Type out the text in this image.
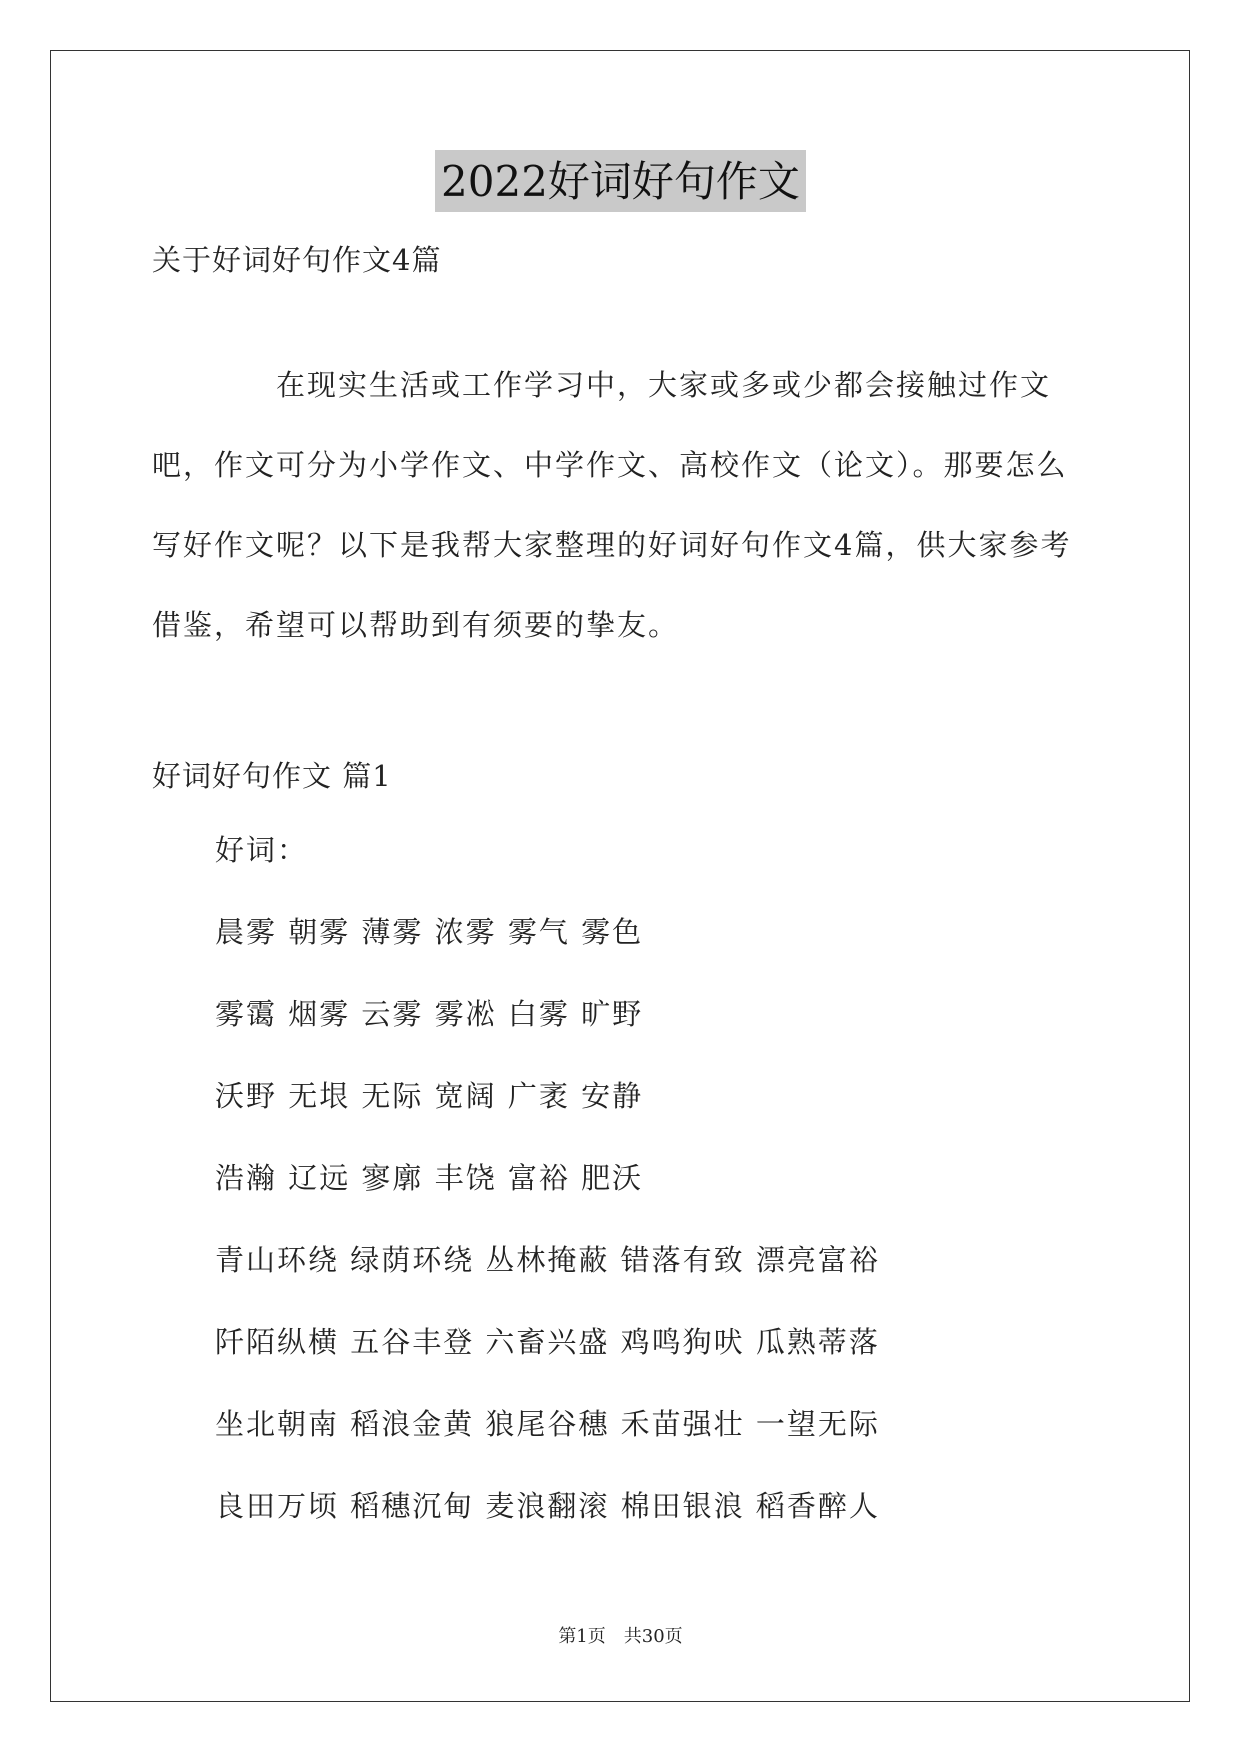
2022好词好句作文
关于好词好句作文4篇

在现实生活或工作学习中，大家或多或少都会接触过作文吧，作文可分为小学作文、中学作文、高校作文（论文）。那要怎么写好作文呢？以下是我帮大家整理的好词好句作文4篇，供大家参考借鉴，希望可以帮助到有须要的挚友。

好词好句作文 篇1
好词：
晨雾 朝雾 薄雾 浓雾 雾气 雾色
雾霭 烟雾 云雾 雾凇 白雾 旷野
沃野 无垠 无际 宽阔 广袤 安静
浩瀚 辽远 寥廓 丰饶 富裕 肥沃
青山环绕 绿荫环绕 丛林掩蔽 错落有致 漂亮富裕
阡陌纵横 五谷丰登 六畜兴盛 鸡鸣狗吠 瓜熟蒂落
坐北朝南 稻浪金黄 狼尾谷穗 禾苗强壮 一望无际
良田万顷 稻穗沉甸 麦浪翻滚 棉田银浪 稻香醉人
第1页　共30页
